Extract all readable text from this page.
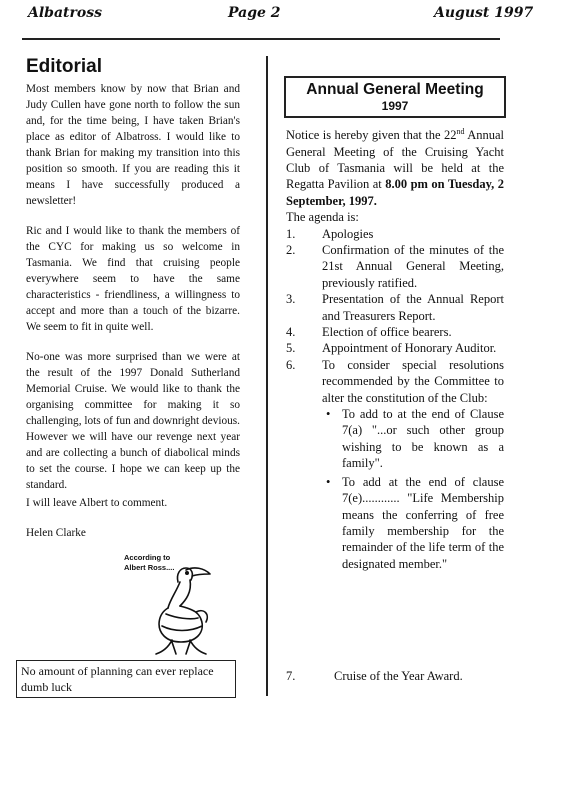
Albatross	Page 2	August 1997
Editorial

Most members know by now that Brian and Judy Cullen have gone north to follow the sun and, for the time being, I have taken Brian's place as editor of Albatross. I would like to thank Brian for making my transition into this position so smooth. If you are reading this it means I have successfully produced a newsletter!

Ric and I would like to thank the members of the CYC for making us so welcome in Tasmania. We find that cruising people everywhere seem to have the same characteristics - friendliness, a willingness to accept and more than a touch of the bizarre. We seem to fit in quite well.

No-one was more surprised than we were at the result of the 1997 Donald Sutherland Memorial Cruise. We would like to thank the organising committee for making it so challenging, lots of fun and downright devious. However we will have our revenge next year and are collecting a bunch of diabolical minds to set the course. I hope we can keep up the standard.

I will leave Albert to comment.

Helen Clarke

According to
Albert Ross....
No amount of planning can ever replace dumb luck
Annual General Meeting
1997

Notice is hereby given that the 22nd Annual General Meeting of the Cruising Yacht Club of Tasmania will be held at the Regatta Pavilion at 8.00 pm on Tuesday, 2 September, 1997.

The agenda is:

1.	Apologies
2.	Confirmation of the minutes of the 21st Annual General Meeting, previously ratified.
3.	Presentation of the Annual Report and Treasurers Report.
4.	Election of office bearers.
5.	Appointment of Honorary Auditor.
6.	To consider special resolutions recommended by the Committee to alter the constitution of the Club:
• To add to at the end of Clause 7(a) "...or such other group wishing to be known as a family".
• To add at the end of clause 7(e)............ "Life Membership means the conferring of free family membership for the remainder of the life term of the designated member."
7.	Cruise of the Year Award.
